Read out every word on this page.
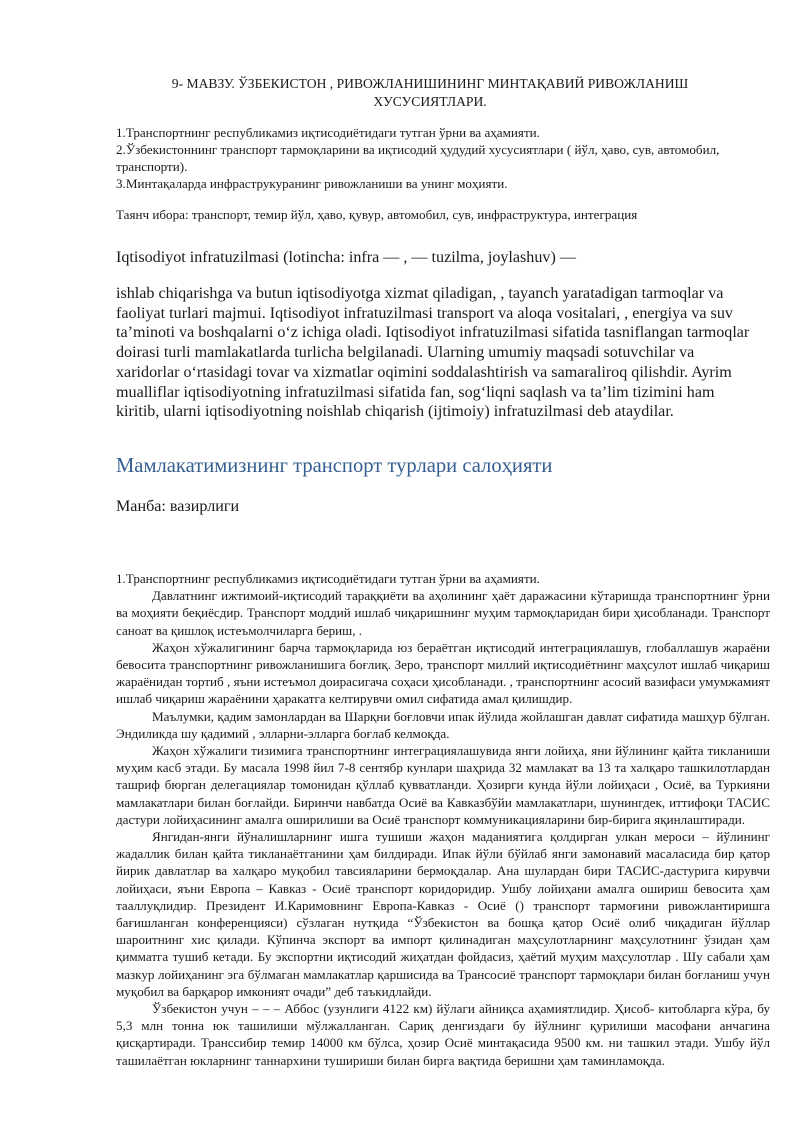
9- МАВЗУ. ЎЗБЕКИСТОН , РИВОЖЛАНИШИНИНГ МИНТАҚАВИЙ РИВОЖЛАНИШ
ХУСУСИЯТЛАРИ.
1.Транспортнинг республикамиз иқтисодиётидаги тутган ўрни ва аҳамияти.
2.Ўзбекистоннинг транспорт тармоқларини ва иқтисодий ҳудудий хусусиятлари ( йўл, ҳаво, сув, автомобил, транспорти).
3.Минтақаларда инфраструкуранинг ривожланиши ва унинг моҳияти.
Таянч ибора: транспорт, темир йўл, ҳаво, қувур, автомобил, сув, инфраструктура, интеграция
Iqtisodiyot infratuzilmasi (lotincha: infra — , — tuzilma, joylashuv) —
ishlab chiqarishga va butun iqtisodiyotga xizmat qiladigan, , tayanch yaratadigan tarmoqlar va faoliyat turlari majmui. Iqtisodiyot infratuzilmasi transport va aloqa vositalari, , energiya va suv ta’minoti va boshqalarni oʻz ichiga oladi. Iqtisodiyot infratuzilmasi sifatida tasniflangan tarmoqlar doirasi turli mamlakatlarda turlicha belgilanadi. Ularning umumiy maqsadi sotuvchilar va xaridorlar oʻrtasidagi tovar va xizmatlar oqimini soddalashtirish va samaraliroq qilishdir. Ayrim mualliflar iqtisodiyotning infratuzilmasi sifatida fan, sogʻliqni saqlash va taʼlim tizimini ham kiritib, ularni iqtisodiyotning noishlab chiqarish (ijtimoiy) infratuzilmasi deb ataydilar.
Мамлакатимизнинг транспорт турлари салоҳияти
Манба: вазирлиги

1.Транспортнинг республикамиз иқтисодиётидаги тутган ўрни ва аҳамияти.

Давлатнинг ижтимоий-иқтисодий тараққиёти ва аҳолининг ҳаёт даражасини кўтаришда транспортнинг ўрни ва моҳияти беқиёсдир. Транспорт моддий ишлаб чиқаришнинг муҳим тармоқларидан бири ҳисобланади. Транспорт саноат ва қишлоқ истеъмолчиларга бериш, .

Жаҳон хўжалигининг барча тармоқларида юз бераётган иқтисодий интеграциялашув, глобаллашув жараёни бевосита транспортнинг ривожланишига боғлиқ. Зеро, транспорт миллий иқтисодиётнинг маҳсулот ишлаб чиқариш жараёнидан тортиб , яъни истеъмол доирасигача соҳаси ҳисобланади. , транспортнинг асосий вазифаси умумжамият ишлаб чиқариш жараёнини ҳаракатга келтирувчи омил сифатида амал қилишдир.

Маълумки, қадим замонлардан ва Шарқни боғловчи ипак йўлида жойлашган давлат сифатида машҳур бўлган. Эндиликда шу қадимий , элларни-элларга боғлаб келмоқда.

Жаҳон хўжалиги тизимига транспортнинг интеграциялашувида янги лойиҳа, яни йўлининг қайта тикланиши муҳим касб этади. Бу масала 1998 йил 7-8 сентябр кунлари шаҳрида 32 мамлакат ва 13 та халқаро ташкилотлардан ташриф бюрган делегациялар томонидан қўллаб қувватланди. Ҳозирги кунда йўли лойиҳаси , Осиё, ва Туркияни мамлакатлари билан боғлайди. Биринчи навбатда Осиё ва Кавказбўйи мамлакатлари, шунингдек, иттифоқи ТАСИС дастури лойиҳасининг амалга оширилиши ва Осиё транспорт коммуникацияларини бир-бирига яқинлаштиради.

Янгидан-янги йўналишларнинг ишга тушиши жаҳон маданиятига қолдирган улкан мероси – йўлининг жадаллик билан қайта тикланаётганини ҳам билдиради. Ипак йўли бўйлаб янги замонавий масаласида бир қатор йирик давлатлар ва халқаро муқобил тавсияларини бермоқдалар. Ана шулардан бири ТАСИС-дастурига кирувчи лойиҳаси, яъни Европа – Кавказ - Осиё транспорт коридоридир. Ушбу лойиҳани амалга ошириш бевосита ҳам тааллуқлидир. Президент И.Каримовнинг Европа-Кавказ - Осиё () транспорт тармоғини ривожлантиришга бағишланган конференцияси) сўзлаган нутқида “Ўзбекистон ва бошқа қатор Осиё олиб чиқадиган йўллар шароитнинг хис қилади. Кўпинча экспорт ва импорт қилинадиган маҳсулотларнинг маҳсулотнинг ўзидан ҳам қимматга тушиб кетади. Бу экспортни иқтисодий жиҳатдан фойдасиз, ҳаётий муҳим маҳсулотлар . Шу сабали ҳам мазкур лойиҳанинг эга бўлмаган мамлакатлар қаршисида ва Трансосиё транспорт тармоқлари билан боғланиш учун муқобил ва барқарор имконият очади” деб таъкидлайди.

Ўзбекистон учун – – – Аббос (узунлиги 4122 км) йўлаги айниқса аҳамиятлидир. Ҳисоб- китобларга кўра, бу 5,3 млн тонна юк ташилиши мўлжалланган. Сариқ денгиздаги бу йўлнинг қурилиши масофани анчагина қисқартиради. Транссибир темир 14000 км бўлса, ҳозир Осиё минтақасида 9500 км. ни ташкил этади. Ушбу йўл ташилаётган юкларнинг таннархини тушириши билан бирга вақтида беришни ҳам таминламоқда.
